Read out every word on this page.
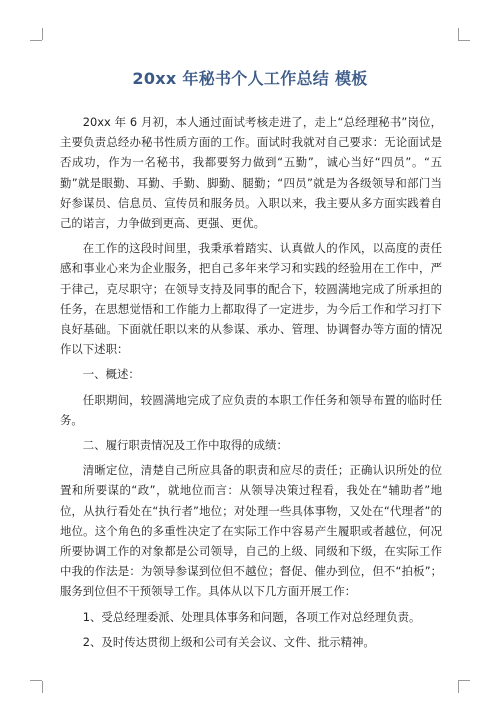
20xx 年秘书个人工作总结 模板

20xx 年 6 月初，本人通过面试考核走进了，走上“总经理秘书”岗位，主要负责总经办秘书性质方面的工作。面试时我就对自己要求：无论面试是否成功，作为一名秘书，我都要努力做到“五勤”，诚心当好“四员”。“五勤”就是眼勤、耳勤、手勤、脚勤、腿勤；“四员”就是为各级领导和部门当好参谋员、信息员、宣传员和服务员。入职以来，我主要从多方面实践着自己的诺言，力争做到更高、更强、更优。

在工作的这段时间里，我秉承着踏实、认真做人的作风，以高度的责任感和事业心来为企业服务，把自己多年来学习和实践的经验用在工作中，严于律己，克尽职守；在领导支持及同事的配合下，较圆满地完成了所承担的任务，在思想觉悟和工作能力上都取得了一定进步，为今后工作和学习打下良好基础。下面就任职以来的从参谋、承办、管理、协调督办等方面的情况作以下述职：

一、概述：

任职期间，较圆满地完成了应负责的本职工作任务和领导布置的临时任务。

二、履行职责情况及工作中取得的成绩：

清晰定位，清楚自己所应具备的职责和应尽的责任；正确认识所处的位置和所要谋的“政”，就地位而言：从领导决策过程看，我处在“辅助者”地位，从执行看处在“执行者”地位；对处理一些具体事物，又处在“代理者”的地位。这个角色的多重性决定了在实际工作中容易产生履职或者越位，何况所要协调工作的对象都是公司领导，自己的上级、同级和下级，在实际工作中我的作法是：为领导参谋到位但不越位；督促、催办到位，但不“拍板”；服务到位但不干预领导工作。具体从以下几方面开展工作：

1、受总经理委派、处理具体事务和问题，各项工作对总经理负责。

2、及时传达贯彻上级和公司有关会议、文件、批示精神。
